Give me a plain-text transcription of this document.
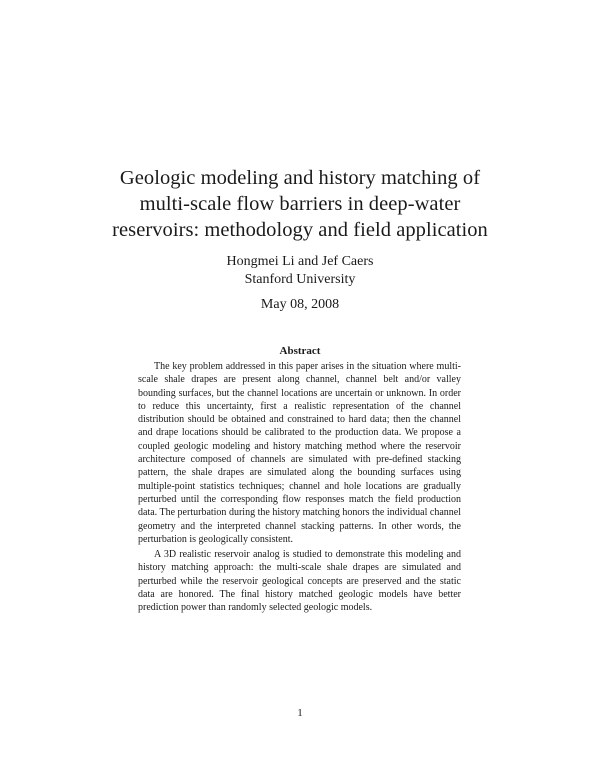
Geologic modeling and history matching of
multi-scale flow barriers in deep-water
reservoirs: methodology and field application
Hongmei Li and Jef Caers
Stanford University
May 08, 2008
Abstract

The key problem addressed in this paper arises in the situation where multi-scale shale drapes are present along channel, channel belt and/or valley bounding surfaces, but the channel locations are uncertain or unknown. In order to reduce this uncertainty, first a realistic representation of the channel distribution should be obtained and constrained to hard data; then the channel and drape locations should be calibrated to the production data. We propose a coupled geologic modeling and history matching method where the reservoir architecture composed of channels are simulated with pre-defined stacking pattern, the shale drapes are simulated along the bounding surfaces using multiple-point statistics techniques; channel and hole locations are gradually perturbed until the corresponding flow responses match the field production data. The perturbation during the history matching honors the individual channel geometry and the interpreted channel stacking patterns. In other words, the perturbation is geologically consistent.

A 3D realistic reservoir analog is studied to demonstrate this modeling and history matching approach: the multi-scale shale drapes are simulated and perturbed while the reservoir geological concepts are preserved and the static data are honored. The final history matched geologic models have better prediction power than randomly selected geologic models.

1
